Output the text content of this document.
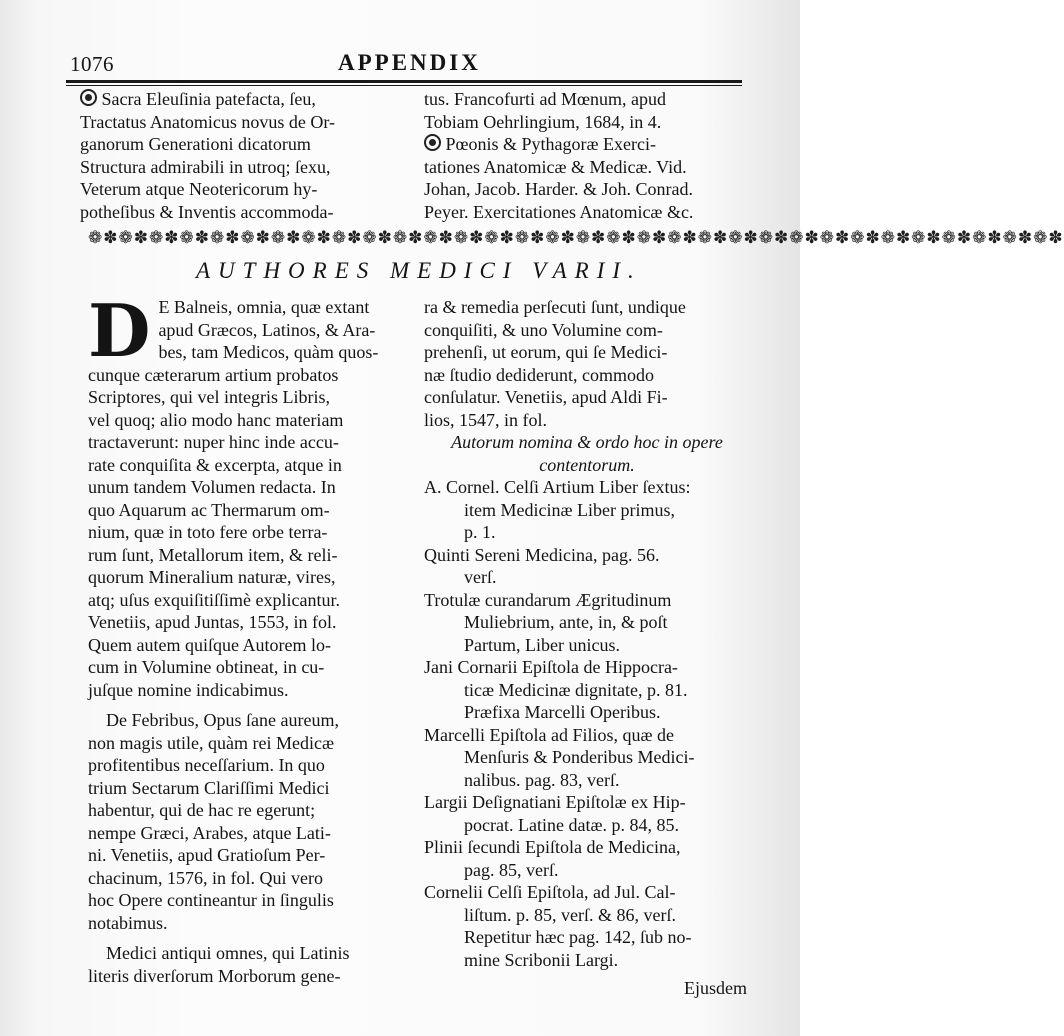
1076	APPENDIX

Sacra Eleuſinia patefacta, ſeu,

Tractatus Anatomicus novus de Or-

ganorum Generationi dicatorum

Structura admirabili in utroq; ſexu,

Veterum atque Neotericorum hy-

potheſibus & Inventis accommoda-

tus. Francofurti ad Mœnum, apud

Tobiam Oehrlingium, 1684, in 4.

Pœonis & Pythagoræ Exerci-

tationes Anatomicæ & Medicæ. Vid.

Johan, Jacob. Harder. & Joh. Conrad.

Peyer. Exercitationes Anatomicæ &c.

❁✽❁✽❁✽❁✽❁✽❁✽❁✽❁✽❁✽❁✽❁✽❁✽❁✽❁✽❁✽❁✽❁✽❁✽❁✽❁✽❁✽❁✽❁✽❁✽❁✽❁✽❁✽❁✽❁✽❁✽❁✽❁✽
AUTHORES MEDICI VARII.
D E Balneis, omnia, quæ extant

apud Græcos, Latinos, & Ara-

bes, tam Medicos, quàm quos-

cunque cæterarum artium probatos

Scriptores, qui vel integris Libris,

vel quoq; alio modo hanc materiam

tractaverunt: nuper hinc inde accu-

rate conquiſita & excerpta, atque in

unum tandem Volumen redacta. In

quo Aquarum ac Thermarum om-

nium, quæ in toto fere orbe terra-

rum ſunt, Metallorum item, & reli-

quorum Mineralium naturæ, vires,

atq; uſus exquiſitiſſimè explicantur.

Venetiis, apud Juntas, 1553, in fol.

Quem autem quiſque Autorem lo-

cum in Volumine obtineat, in cu-

juſque nomine indicabimus.

De Febribus, Opus ſane aureum,

non magis utile, quàm rei Medicæ

profitentibus neceſſarium. In quo

trium Sectarum Clariſſimi Medici

habentur, qui de hac re egerunt;

nempe Græci, Arabes, atque Lati-

ni. Venetiis, apud Gratioſum Per-

chacinum, 1576, in fol. Qui vero

hoc Opere contineantur in ſingulis

notabimus.

Medici antiqui omnes, qui Latinis

literis diverſorum Morborum gene-

ra & remedia perſecuti ſunt, undique

conquiſiti, & uno Volumine com-

prehenſi, ut eorum, qui ſe Medici-

næ ſtudio dediderunt, commodo

conſulatur. Venetiis, apud Aldi Fi-

lios, 1547, in fol.

Autorum nomina & ordo hoc in opere

contentorum.

A. Cornel. Celſi Artium Liber ſextus:

item Medicinæ Liber primus,

p. 1.

Quinti Sereni Medicina, pag. 56.

verſ.

Trotulæ curandarum Ægritudinum

Muliebrium, ante, in, & poſt

Partum, Liber unicus.

Jani Cornarii Epiſtola de Hippocra-

ticæ Medicinæ dignitate, p. 81.

Præfixa Marcelli Operibus.

Marcelli Epiſtola ad Filios, quæ de

Menſuris & Ponderibus Medici-

nalibus. pag. 83, verſ.

Largii Deſignatiani Epiſtolæ ex Hip-

pocrat. Latine datæ. p. 84, 85.

Plinii ſecundi Epiſtola de Medicina,

pag. 85, verſ.

Cornelii Celſi Epiſtola, ad Jul. Cal-

liſtum. p. 85, verſ. & 86, verſ.

Repetitur hæc pag. 142, ſub no-

mine Scribonii Largi.

Ejusdem
